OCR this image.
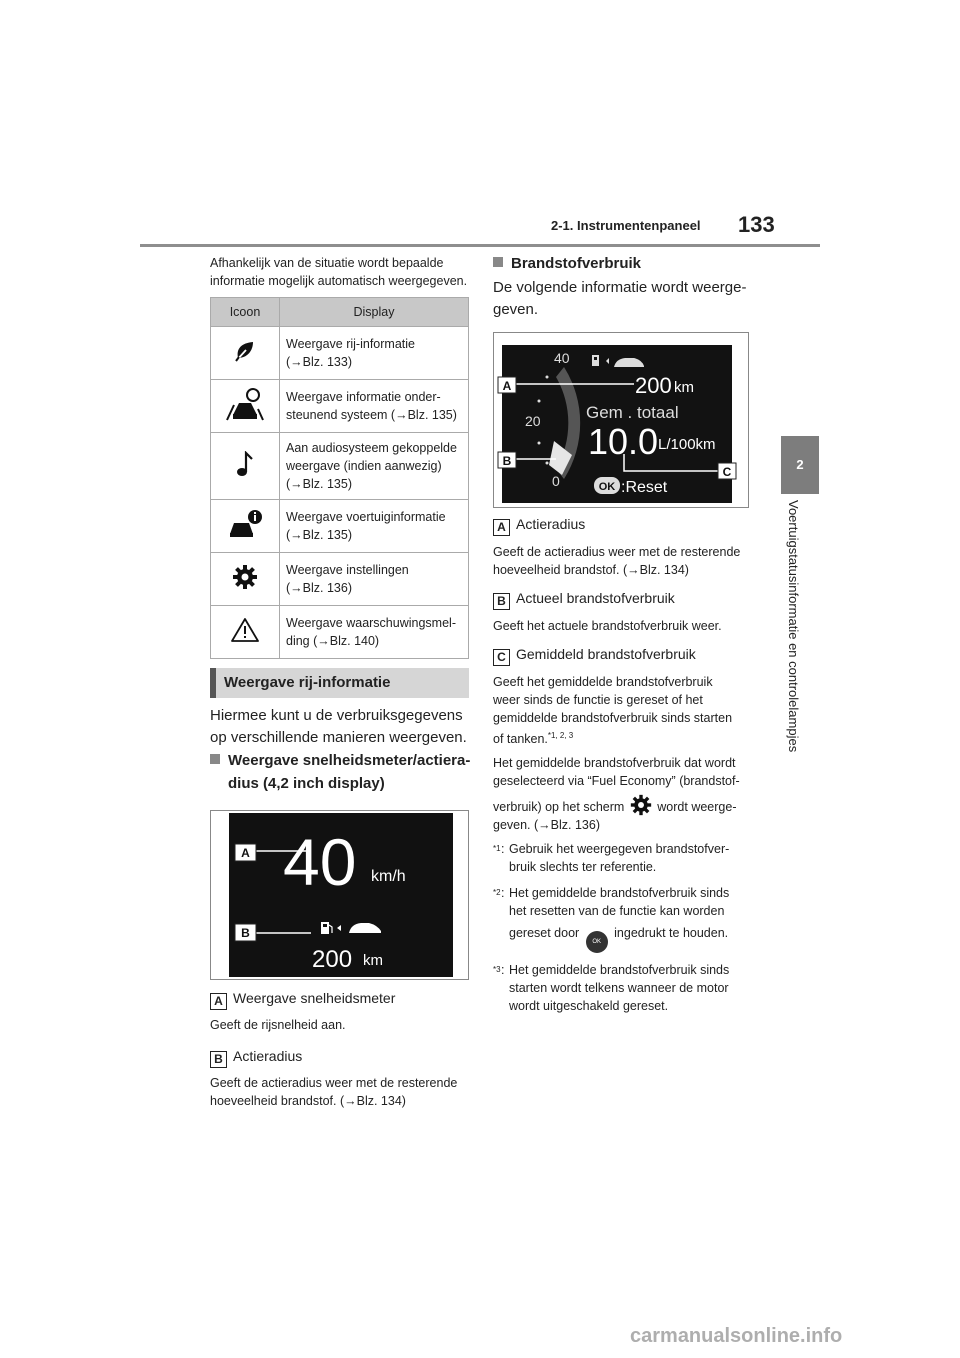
2-1. Instrumentenpaneel 133
2
Voertuigstatusinformatie en controlelampjes
Afhankelijk van de situatie wordt bepaalde informatie mogelijk automatisch weergegeven.
Icoon	Display

Weergave rij-informatie
(→Blz. 133)

Weergave informatie onder-
steunend systeem (→Blz. 135)

Aan audiosysteem gekoppelde
weergave (indien aanwezig)
(→Blz. 135)

Weergave voertuiginformatie
(→Blz. 135)

Weergave instellingen
(→Blz. 136)

Weergave waarschuwingsmel-
ding (→Blz. 140)
Weergave rij-informatie
Hiermee kunt u de verbruiksgegevens
op verschillende manieren weergeven.
Weergave snelheidsmeter/actiera-
dius (4,2 inch display)
A 40 km/h
B
200 km
A Weergave snelheidsmeter
Geeft de rijsnelheid aan.
B Actieradius
Geeft de actieradius weer met de resterende
hoeveelheid brandstof. (→Blz. 134)
Brandstofverbruik
De volgende informatie wordt weerge-
geven.
40
20
0
A	200 km
Gem . totaal
10.0 L/100km
B
C
OK :Reset
A Actieradius
Geeft de actieradius weer met de resterende
hoeveelheid brandstof. (→Blz. 134)
B Actueel brandstofverbruik
Geeft het actuele brandstofverbruik weer.
C Gemiddeld brandstofverbruik
Geeft het gemiddelde brandstofverbruik
weer sinds de functie is gereset of het
gemiddelde brandstofverbruik sinds starten
of tanken.$^{*1, 2, 3}$
Het gemiddelde brandstofverbruik dat wordt
geselecteerd via “Fuel Economy” (brandstof-
verbruik) op het scherm	wordt weerge-
geven. (→Blz. 136)
*1 : Gebruik het weergegeven brandstofver-
bruik slechts ter referentie.
*2 : Het gemiddelde brandstofverbruik sinds
het resetten van de functie kan worden
gereset door OK ingedrukt te houden.
*3 : Het gemiddelde brandstofverbruik sinds
starten wordt telkens wanneer de motor
wordt uitgeschakeld gereset.
carmanualsonline.info
